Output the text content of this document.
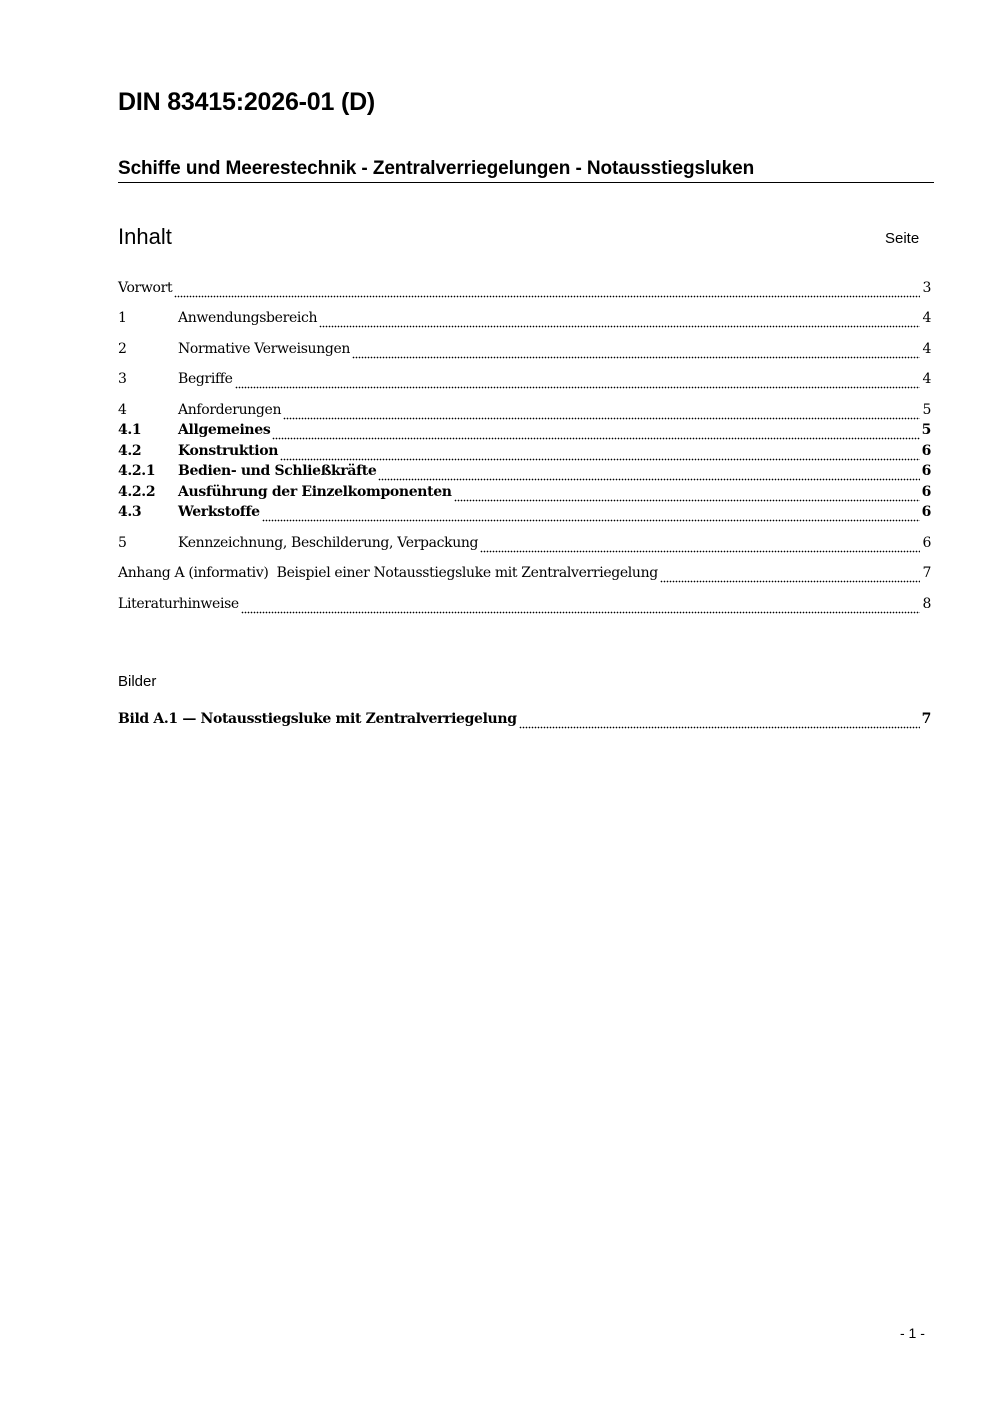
DIN 83415:2026-01 (D)
Schiffe und Meerestechnik - Zentralverriegelungen - Notausstiegsluken
Inhalt	Seite
Vorwort	3
1	Anwendungsbereich	4
2	Normative Verweisungen	4
3	Begriffe	4
4	Anforderungen	5
4.1	Allgemeines	5
4.2	Konstruktion	6
4.2.1	Bedien- und Schließkräfte	6
4.2.2	Ausführung der Einzelkomponenten	6
4.3	Werkstoffe	6
5	Kennzeichnung, Beschilderung, Verpackung	6
Anhang A (informativ)  Beispiel einer Notausstiegsluke mit Zentralverriegelung	7
Literaturhinweise	8
Bilder
Bild A.1 — Notausstiegsluke mit Zentralverriegelung	7
- 1 -
